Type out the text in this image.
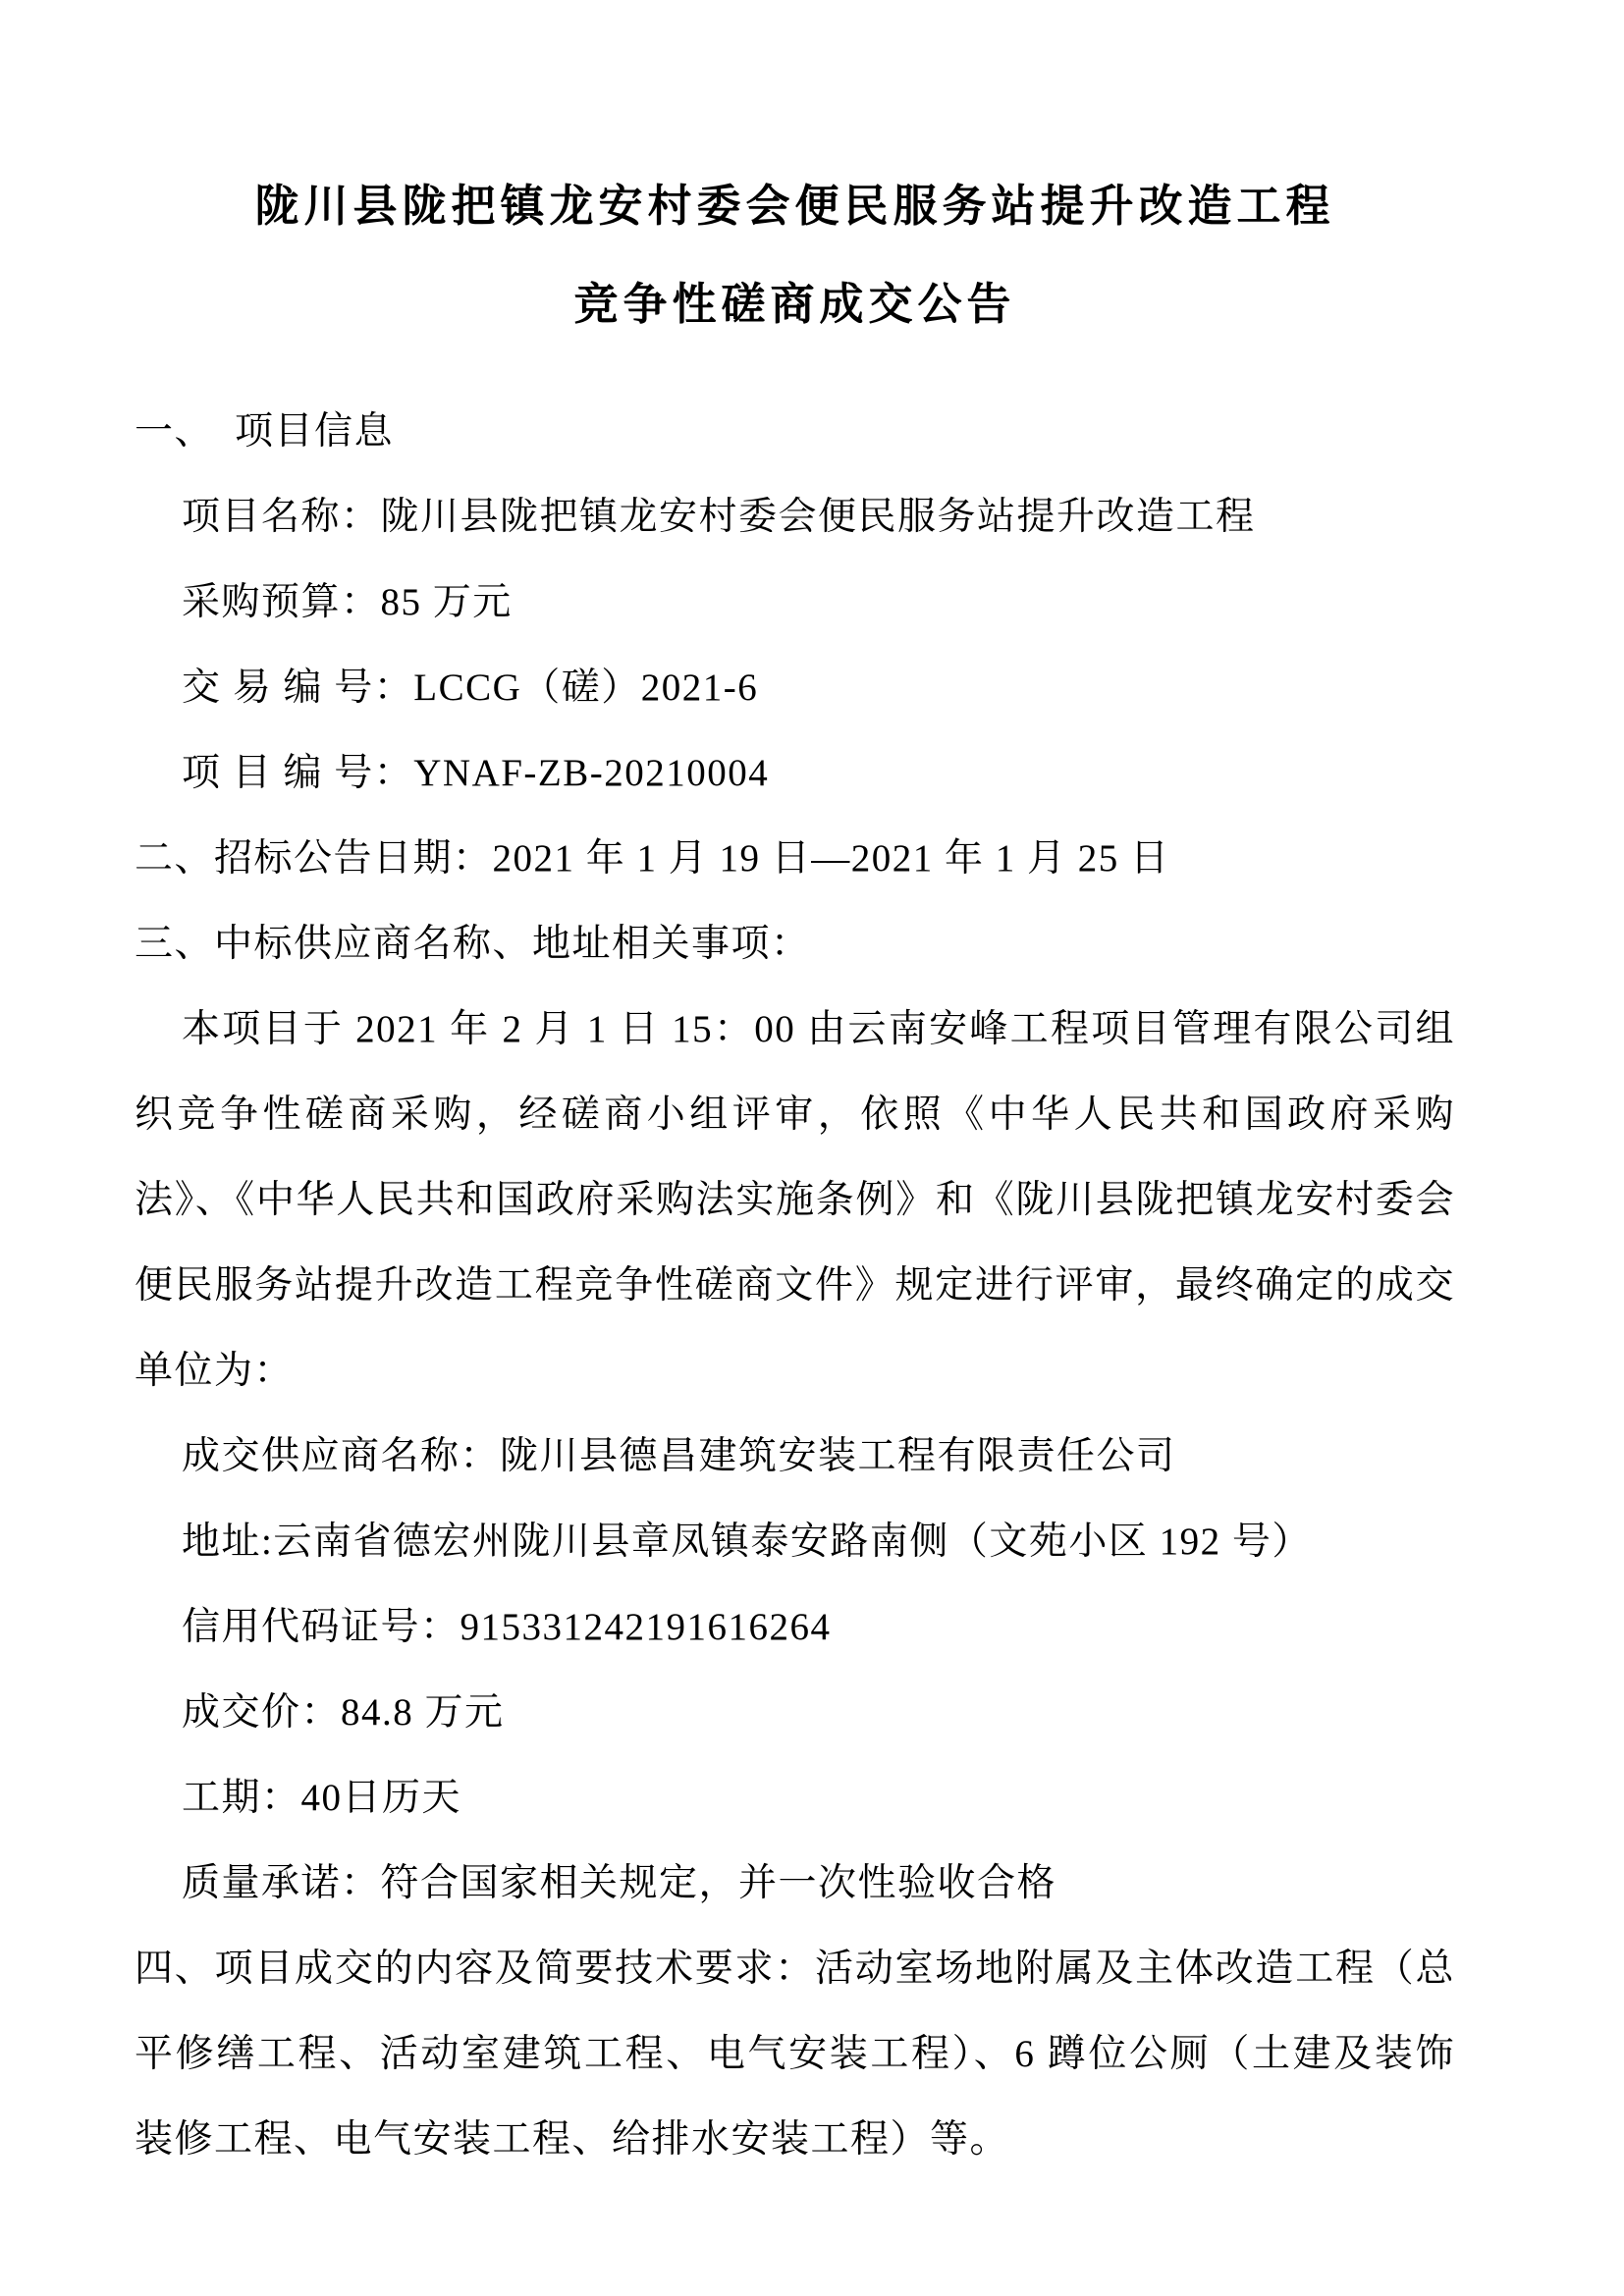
陇川县陇把镇龙安村委会便民服务站提升改造工程
竞争性磋商成交公告

一、　项目信息

项目名称：陇川县陇把镇龙安村委会便民服务站提升改造工程

采购预算：85 万元

交 易 编 号：LCCG（磋）2021-6

项 目 编 号：YNAF-ZB-20210004

二、招标公告日期：2021 年 1 月 19 日—2021 年 1 月 25 日

三、中标供应商名称、地址相关事项：

本项目于 2021 年 2 月 1 日 15：00 由云南安峰工程项目管理有限公司组织竞争性磋商采购，经磋商小组评审，依照《中华人民共和国政府采购法》、《中华人民共和国政府采购法实施条例》和《陇川县陇把镇龙安村委会便民服务站提升改造工程竞争性磋商文件》规定进行评审，最终确定的成交单位为：

成交供应商名称：陇川县德昌建筑安装工程有限责任公司

地址:云南省德宏州陇川县章凤镇泰安路南侧（文苑小区 192 号）

信用代码证号：915331242191616264

成交价：84.8 万元

工期：40日历天

质量承诺：符合国家相关规定，并一次性验收合格

四、项目成交的内容及简要技术要求：活动室场地附属及主体改造工程（总平修缮工程、活动室建筑工程、电气安装工程）、6 蹲位公厕（土建及装饰装修工程、电气安装工程、给排水安装工程）等。
